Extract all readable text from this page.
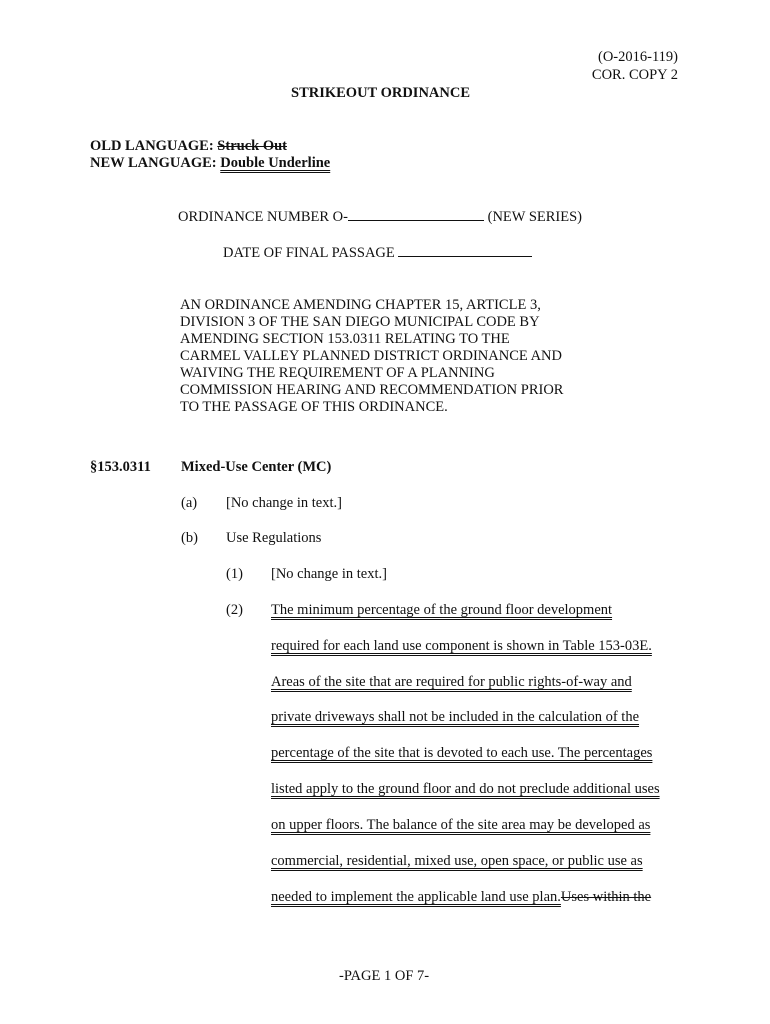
(O-2016-119)
COR. COPY 2
STRIKEOUT ORDINANCE
OLD LANGUAGE: Struck Out
NEW LANGUAGE: Double Underline
ORDINANCE NUMBER O-	(NEW SERIES)
DATE OF FINAL PASSAGE
AN ORDINANCE AMENDING CHAPTER 15, ARTICLE 3,
DIVISION 3 OF THE SAN DIEGO MUNICIPAL CODE BY
AMENDING SECTION 153.0311 RELATING TO THE
CARMEL VALLEY PLANNED DISTRICT ORDINANCE AND
WAIVING THE REQUIREMENT OF A PLANNING
COMMISSION HEARING AND RECOMMENDATION PRIOR
TO THE PASSAGE OF THIS ORDINANCE.
§153.0311 Mixed-Use Center (MC)
(a) [No change in text.]
(b) Use Regulations
(1) [No change in text.]
(2) The minimum percentage of the ground floor development
required for each land use component is shown in Table 153-03E.
Areas of the site that are required for public rights-of-way and
private driveways shall not be included in the calculation of the
percentage of the site that is devoted to each use. The percentages
listed apply to the ground floor and do not preclude additional uses
on upper floors. The balance of the site area may be developed as
commercial, residential, mixed use, open space, or public use as
needed to implement the applicable land use plan.Uses within the
-PAGE 1 OF 7-
